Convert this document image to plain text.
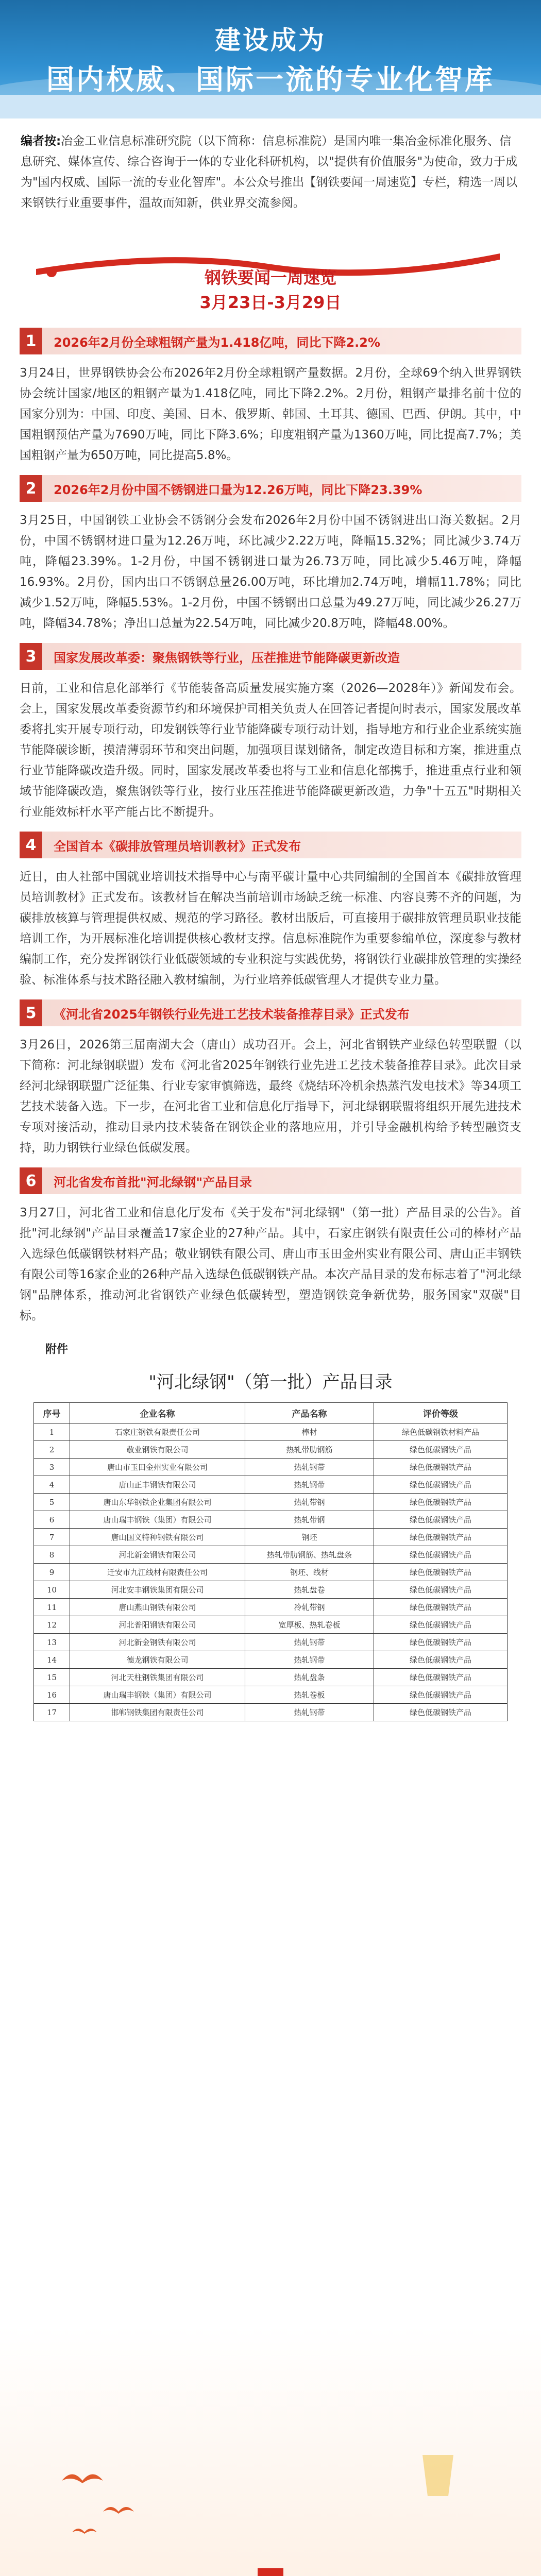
建设成为
国内权威、国际一流的专业化智库
编者按:冶金工业信息标准研究院（以下简称：信息标准院）是国内唯一集冶金标准化服务、信息研究、媒体宣传、综合咨询于一体的专业化科研机构，以"提供有价值服务"为使命，致力于成为"国内权威、国际一流的专业化智库"。本公众号推出【钢铁要闻一周速览】专栏，精选一周以来钢铁行业重要事件，温故而知新，供业界交流参阅。
钢铁要闻一周速览
3月23日-3月29日
1	2026年2月份全球粗钢产量为1.418亿吨，同比下降2.2%
3月24日，世界钢铁协会公布2026年2月份全球粗钢产量数据。2月份，全球69个纳入世界钢铁协会统计国家/地区的粗钢产量为1.418亿吨，同比下降2.2%。2月份，粗钢产量排名前十位的国家分别为：中国、印度、美国、日本、俄罗斯、韩国、土耳其、德国、巴西、伊朗。其中，中国粗钢预估产量为7690万吨，同比下降3.6%；印度粗钢产量为1360万吨，同比提高7.7%；美国粗钢产量为650万吨，同比提高5.8%。
2	2026年2月份中国不锈钢进口量为12.26万吨，同比下降23.39%
3月25日，中国钢铁工业协会不锈钢分会发布2026年2月份中国不锈钢进出口海关数据。2月份，中国不锈钢材进口量为12.26万吨，环比减少2.22万吨，降幅15.32%；同比减少3.74万吨，降幅23.39%。1-2月份，中国不锈钢进口量为26.73万吨，同比减少5.46万吨，降幅16.93%。2月份，国内出口不锈钢总量26.00万吨，环比增加2.74万吨，增幅11.78%；同比减少1.52万吨，降幅5.53%。1-2月份，中国不锈钢出口总量为49.27万吨，同比减少26.27万吨，降幅34.78%；净出口总量为22.54万吨，同比减少20.8万吨，降幅48.00%。
3	国家发展改革委：聚焦钢铁等行业，压茬推进节能降碳更新改造
日前，工业和信息化部举行《节能装备高质量发展实施方案（2026—2028年）》新闻发布会。会上，国家发展改革委资源节约和环境保护司相关负责人在回答记者提问时表示，国家发展改革委将扎实开展专项行动，印发钢铁等行业节能降碳专项行动计划，指导地方和行业企业系统实施节能降碳诊断，摸清薄弱环节和突出问题，加强项目谋划储备，制定改造目标和方案，推进重点行业节能降碳改造升级。同时，国家发展改革委也将与工业和信息化部携手，推进重点行业和领域节能降碳改造，聚焦钢铁等行业，按行业压茬推进节能降碳更新改造，力争"十五五"时期相关行业能效标杆水平产能占比不断提升。
4	全国首本《碳排放管理员培训教材》正式发布
近日，由人社部中国就业培训技术指导中心与南平碳计量中心共同编制的全国首本《碳排放管理员培训教材》正式发布。该教材旨在解决当前培训市场缺乏统一标准、内容良莠不齐的问题，为碳排放核算与管理提供权威、规范的学习路径。教材出版后，可直接用于碳排放管理员职业技能培训工作，为开展标准化培训提供核心教材支撑。信息标准院作为重要参编单位，深度参与教材编制工作，充分发挥钢铁行业低碳领域的专业积淀与实践优势，将钢铁行业碳排放管理的实操经验、标准体系与技术路径融入教材编制，为行业培养低碳管理人才提供专业力量。
5	《河北省2025年钢铁行业先进工艺技术装备推荐目录》正式发布
3月26日，2026第三届南湖大会（唐山）成功召开。会上，河北省钢铁产业绿色转型联盟（以下简称：河北绿钢联盟）发布《河北省2025年钢铁行业先进工艺技术装备推荐目录》。此次目录经河北绿钢联盟广泛征集、行业专家审慎筛选，最终《烧结环冷机余热蒸汽发电技术》等34项工艺技术装备入选。下一步，在河北省工业和信息化厅指导下，河北绿钢联盟将组织开展先进技术专项对接活动，推动目录内技术装备在钢铁企业的落地应用，并引导金融机构给予转型融资支持，助力钢铁行业绿色低碳发展。
6	河北省发布首批"河北绿钢"产品目录
3月27日，河北省工业和信息化厅发布《关于发布"河北绿钢"（第一批）产品目录的公告》。首批"河北绿钢"产品目录覆盖17家企业的27种产品。其中，石家庄钢铁有限责任公司的棒材产品入选绿色低碳钢铁材料产品；敬业钢铁有限公司、唐山市玉田金州实业有限公司、唐山正丰钢铁有限公司等16家企业的26种产品入选绿色低碳钢铁产品。本次产品目录的发布标志着了"河北绿钢"品牌体系，推动河北省钢铁产业绿色低碳转型，塑造钢铁竞争新优势，服务国家"双碳"目标。
附件
"河北绿钢"（第一批）产品目录
序号	企业名称	产品名称	评价等级
1	石家庄钢铁有限责任公司	棒材	绿色低碳钢铁材料产品
2	敬业钢铁有限公司	热轧带肋钢筋	绿色低碳钢铁产品
3	唐山市玉田金州实业有限公司	热轧钢带	绿色低碳钢铁产品
4	唐山正丰钢铁有限公司	热轧钢带	绿色低碳钢铁产品
5	唐山东华钢铁企业集团有限公司	热轧带钢	绿色低碳钢铁产品
6	唐山瑞丰钢铁（集团）有限公司	热轧带钢	绿色低碳钢铁产品
7	唐山国义特种钢铁有限公司	钢坯	绿色低碳钢铁产品
8	河北新金钢铁有限公司	热轧带肋钢筋、热轧盘条	绿色低碳钢铁产品
9	迁安市九江线材有限责任公司	钢坯、线材	绿色低碳钢铁产品
10	河北安丰钢铁集团有限公司	热轧盘卷	绿色低碳钢铁产品
11	唐山燕山钢铁有限公司	冷轧带钢	绿色低碳钢铁产品
12	河北普阳钢铁有限公司	宽厚板、热轧卷板	绿色低碳钢铁产品
13	河北新金钢铁有限公司	热轧钢带	绿色低碳钢铁产品
14	德龙钢铁有限公司	热轧钢带	绿色低碳钢铁产品
15	河北天柱钢铁集团有限公司	热轧盘条	绿色低碳钢铁产品
16	唐山瑞丰钢铁（集团）有限公司	热轧卷板	绿色低碳钢铁产品
17	邯郸钢铁集团有限责任公司	热轧钢带	绿色低碳钢铁产品
